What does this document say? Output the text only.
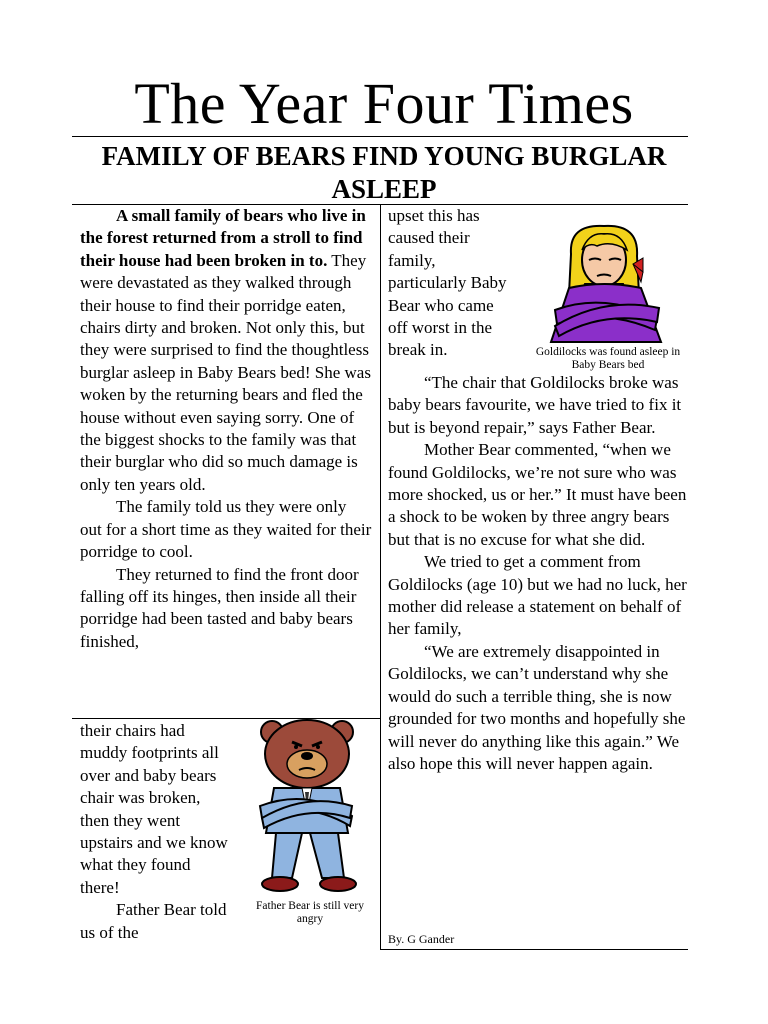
The Year Four Times
FAMILY OF BEARS FIND YOUNG BURGLAR ASLEEP

A small family of bears who live in the forest returned from a stroll to find their house had been broken in to. They were devastated as they walked through their house to find their porridge eaten, chairs dirty and broken. Not only this, but they were surprised to find the thoughtless burglar asleep in Baby Bears bed! She was woken by the returning bears and fled the house without even saying sorry. One of the biggest shocks to the family was that their burglar who did so much damage is only ten years old.

The family told us they were only out for a short time as they waited for their porridge to cool.

They returned to find the front door falling off its hinges, then inside all their porridge had been tasted and baby bears finished,

their chairs had muddy footprints all over and baby bears chair was broken, then they went upstairs and we know what they found there!

Father Bear told us of the

Father Bear is still very angry

upset this has caused their family, particularly Baby Bear who came off worst in the break in.	Goldilocks was found asleep in Baby Bears bed

“The chair that Goldilocks broke was baby bears favourite, we have tried to fix it but is beyond repair,” says Father Bear.

Mother Bear commented, “when we found Goldilocks, we’re not sure who was more shocked, us or her.” It must have been a shock to be woken by three angry bears but that is no excuse for what she did.

We tried to get a comment from Goldilocks (age 10) but we had no luck, her mother did release a statement on behalf of her family,

“We are extremely disappointed in Goldilocks, we can’t understand why she would do such a terrible thing, she is now grounded for two months and hopefully she will never do anything like this again.” We also hope this will never happen again.

By. G Gander
